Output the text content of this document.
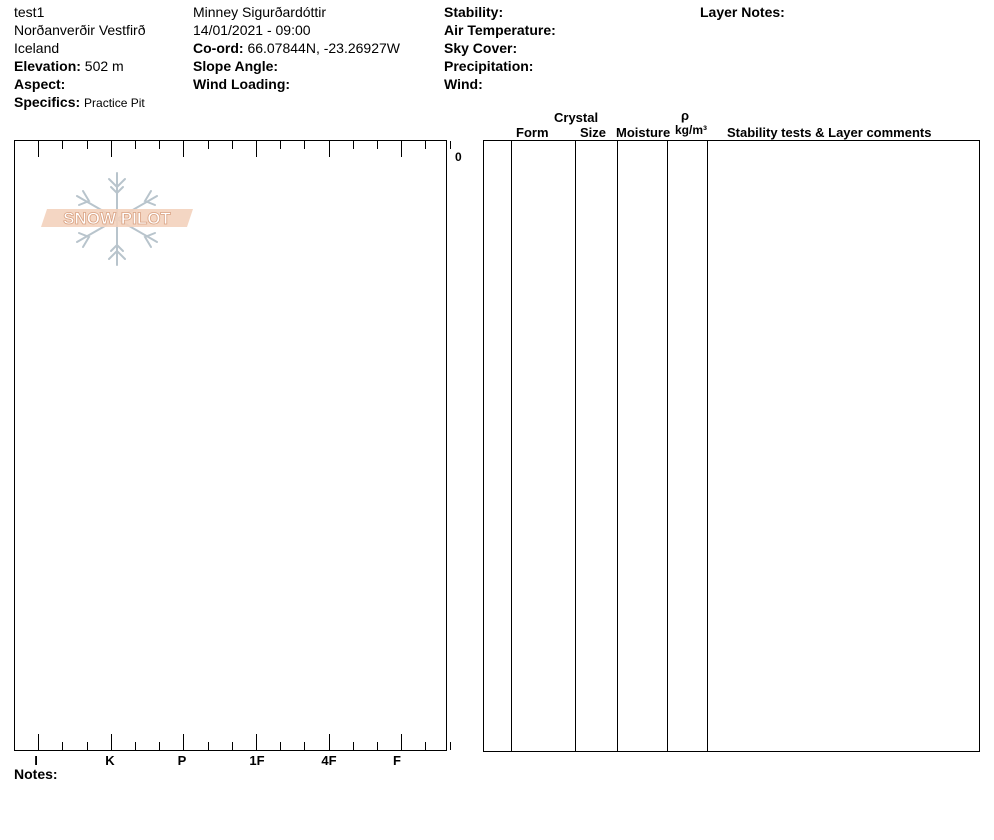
test1
Norðanverðir Vestfirð
Iceland
Elevation: 502 m
Aspect:
Specifics: Practice Pit
Minney Sigurðardóttir
14/01/2021 - 09:00
Co-ord: 66.07844N, -23.26927W
Slope Angle:
Wind Loading:
Stability:
Air Temperature:
Sky Cover:
Precipitation:
Wind:
Layer Notes:
SNOW PILOT
0
I	K	P	1F	4F	F
Crystal
Form Size Moisture
ρ
kg/m³ Stability tests & Layer comments
Notes:
